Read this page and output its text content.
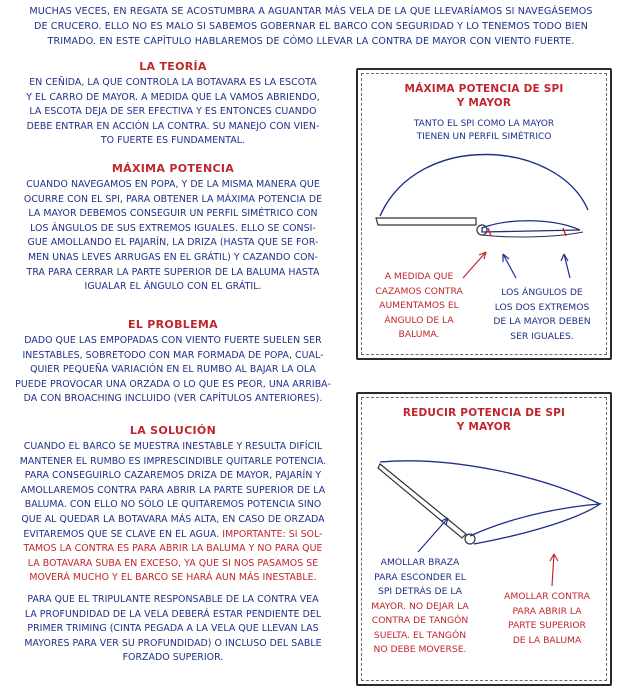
MUCHAS VECES, EN REGATA SE ACOSTUMBRA A AGUANTAR MÁS VELA DE LA QUE LLEVARÍAMOS SI NAVEGÁSEMOS
DE CRUCERO. ELLO NO ES MALO SI SABEMOS GOBERNAR EL BARCO CON SEGURIDAD Y LO TENEMOS TODO BIEN
TRIMADO. EN ESTE CAPÍTULO HABLAREMOS DE CÓMO LLEVAR LA CONTRA DE MAYOR CON VIENTO FUERTE.
LA TEORÍA
EN CEÑIDA, LA QUE CONTROLA LA BOTAVARA ES LA ESCOTA
Y EL CARRO DE MAYOR. A MEDIDA QUE LA VAMOS ABRIENDO,
LA ESCOTA DEJA DE SER EFECTIVA Y ES ENTONCES CUANDO
DEBE ENTRAR EN ACCIÓN LA CONTRA. SU MANEJO CON VIEN-
TO FUERTE ES FUNDAMENTAL.
MÁXIMA POTENCIA
CUANDO NAVEGAMOS EN POPA, Y DE LA MISMA MANERA QUE
OCURRE CON EL SPI, PARA OBTENER LA MÁXIMA POTENCIA DE
LA MAYOR DEBEMOS CONSEGUIR UN PERFIL SIMÉTRICO CON
LOS ÁNGULOS DE SUS EXTREMOS IGUALES. ELLO SE CONSI-
GUE AMOLLANDO EL PAJARÍN, LA DRIZA (HASTA QUE SE FOR-
MEN UNAS LEVES ARRUGAS EN EL GRÁTIL) Y CAZANDO CON-
TRA PARA CERRAR LA PARTE SUPERIOR DE LA BALUMA HASTA
IGUALAR EL ÁNGULO CON EL GRÁTIL.
EL PROBLEMA
DADO QUE LAS EMPOPADAS CON VIENTO FUERTE SUELEN SER
INESTABLES, SOBRETODO CON MAR FORMADA DE POPA, CUAL-
QUIER PEQUEÑA VARIACIÓN EN EL RUMBO AL BAJAR LA OLA
PUEDE PROVOCAR UNA ORZADA O LO QUE ES PEOR, UNA ARRIBA-
DA CON BROACHING INCLUIDO (VER CAPÍTULOS ANTERIORES).
LA SOLUCIÓN
CUANDO EL BARCO SE MUESTRA INESTABLE Y RESULTA DIFÍCIL
MANTENER EL RUMBO ES IMPRESCINDIBLE QUITARLE POTENCIA.
PARA CONSEGUIRLO CAZAREMOS DRIZA DE MAYOR, PAJARÍN Y
AMOLLAREMOS CONTRA PARA ABRIR LA PARTE SUPERIOR DE LA
BALUMA. CON ELLO NO SÓLO LE QUITAREMOS POTENCIA SINO
QUE AL QUEDAR LA BOTAVARA MÁS ALTA, EN CASO DE ORZADA
EVITAREMOS QUE SE CLAVE EN EL AGUA. IMPORTANTE: SI SOL-
TAMOS LA CONTRA ES PARA ABRIR LA BALUMA Y NO PARA QUE
LA BOTAVARA SUBA EN EXCESO, YA QUE SI NOS PASAMOS SE
MOVERÁ MUCHO Y EL BARCO SE HARÁ AUN MÁS INESTABLE.
PARA QUE EL TRIPULANTE RESPONSABLE DE LA CONTRA VEA
LA PROFUNDIDAD DE LA VELA DEBERÁ ESTAR PENDIENTE DEL
PRIMER TRIMING (CINTA PEGADA A LA VELA QUE LLEVAN LAS
MAYORES PARA VER SU PROFUNDIDAD) O INCLUSO DEL SABLE
FORZADO SUPERIOR.
MÁXIMA POTENCIA DE SPI
Y MAYOR
TANTO EL SPI COMO LA MAYOR
TIENEN UN PERFIL SIMÉTRICO
A MEDIDA QUE
CAZAMOS CONTRA
AUMENTAMOS EL
ÁNGULO DE LA
BALUMA.
LOS ÁNGULOS DE
LOS DOS EXTREMOS
DE LA MAYOR DEBEN
SER IGUALES.
REDUCIR POTENCIA DE SPI
Y MAYOR
AMOLLAR BRAZA
PARA ESCONDER EL
SPI DETRÁS DE LA
MAYOR. NO DEJAR LA
CONTRA DE TANGÓN
SUELTA. EL TANGÓN
NO DEBE MOVERSE.
AMOLLAR CONTRA
PARA ABRIR LA
PARTE SUPERIOR
DE LA BALUMA
